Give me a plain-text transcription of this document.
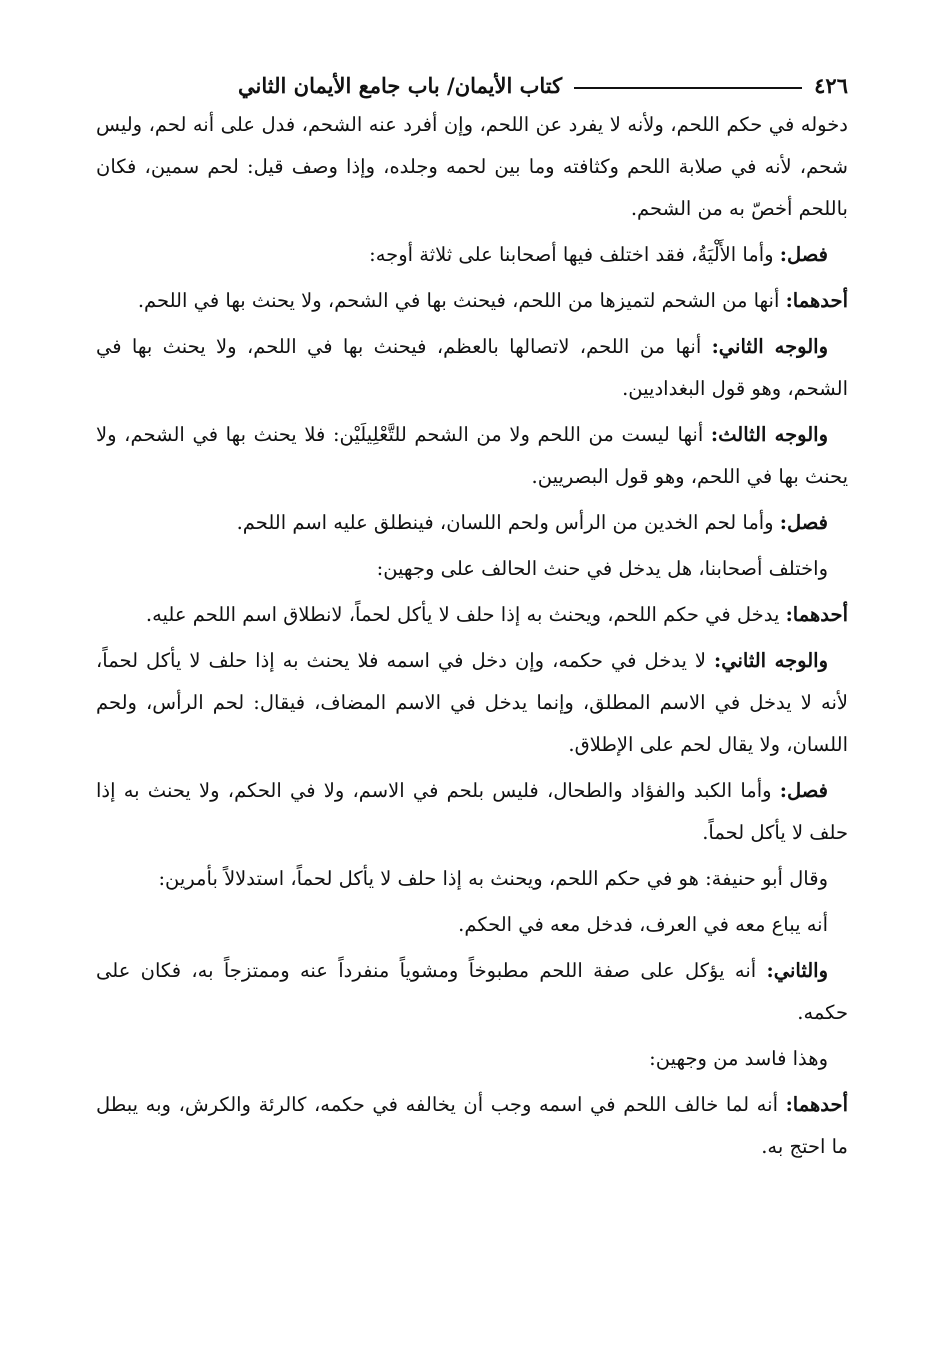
٤٢٦
كتاب الأيمان/ باب جامع الأيمان الثاني

دخوله في حكم اللحم، ولأنه لا يفرد عن اللحم، وإن أفرد عنه الشحم، فدل على أنه لحم، وليس شحم، لأنه في صلابة اللحم وكثافته وما بين لحمه وجلده، وإذا وصف قيل: لحم سمين، فكان باللحم أخصّ به من الشحم.

فصل: وأما الأَلْيَةُ، فقد اختلف فيها أصحابنا على ثلاثة أوجه:

أحدهما: أنها من الشحم لتميزها من اللحم، فيحنث بها في الشحم، ولا يحنث بها في اللحم.

والوجه الثاني: أنها من اللحم، لاتصالها بالعظم، فيحنث بها في اللحم، ولا يحنث بها في الشحم، وهو قول البغداديين.

والوجه الثالث: أنها ليست من اللحم ولا من الشحم للتَّعْلِيلَيْن: فلا يحنث بها في الشحم، ولا يحنث بها في اللحم، وهو قول البصريين.

فصل: وأما لحم الخدين من الرأس ولحم اللسان، فينطلق عليه اسم اللحم.

واختلف أصحابنا، هل يدخل في حنث الحالف على وجهين:

أحدهما: يدخل في حكم اللحم، ويحنث به إذا حلف لا يأكل لحماً، لانطلاق اسم اللحم عليه.

والوجه الثاني: لا يدخل في حكمه، وإن دخل في اسمه فلا يحنث به إذا حلف لا يأكل لحماً، لأنه لا يدخل في الاسم المطلق، وإنما يدخل في الاسم المضاف، فيقال: لحم الرأس، ولحم اللسان، ولا يقال لحم على الإطلاق.

فصل: وأما الكبد والفؤاد والطحال، فليس بلحم في الاسم، ولا في الحكم، ولا يحنث به إذا حلف لا يأكل لحماً.

وقال أبو حنيفة: هو في حكم اللحم، ويحنث به إذا حلف لا يأكل لحماً، استدلالاً بأمرين:

أنه يباع معه في العرف، فدخل معه في الحكم.

والثاني: أنه يؤكل على صفة اللحم مطبوخاً ومشوياً منفرداً عنه وممتزجاً به، فكان على حكمه.

وهذا فاسد من وجهين:

أحدهما: أنه لما خالف اللحم في اسمه وجب أن يخالفه في حكمه، كالرئة والكرش، وبه يبطل ما احتج به.
